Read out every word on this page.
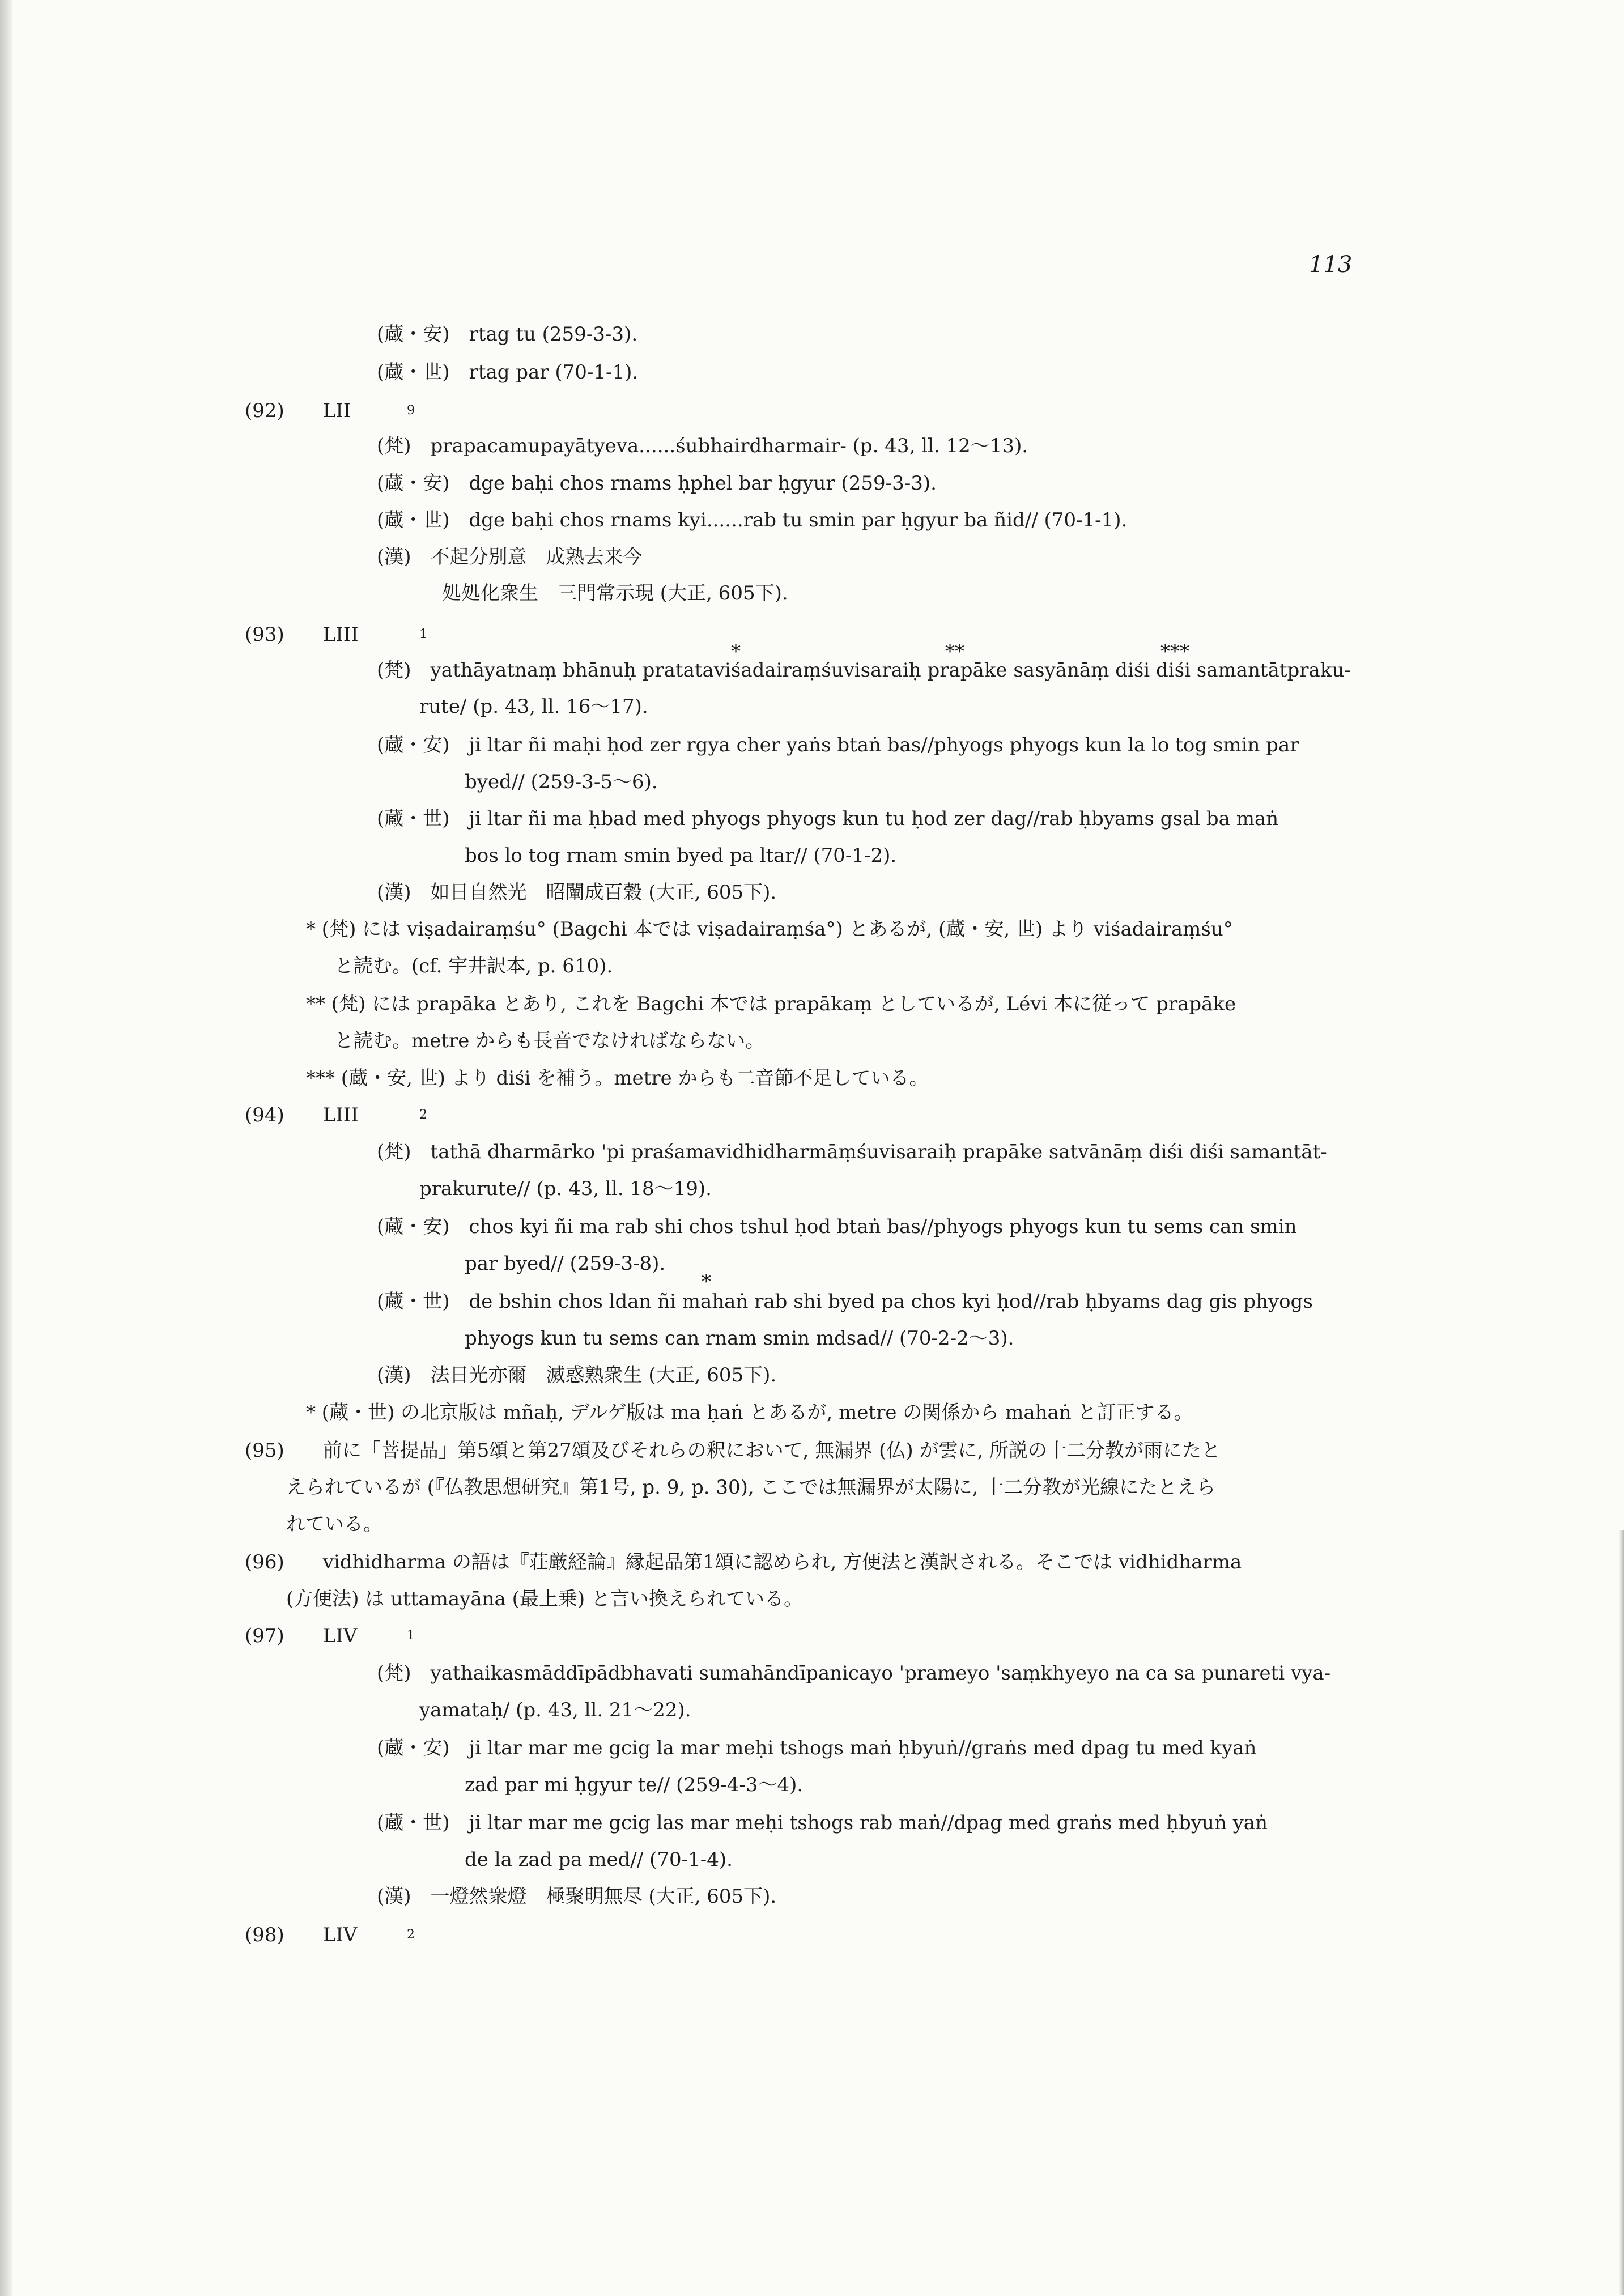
113
(蔵・安)　rtag tu (259-3-3).
(蔵・世)　rtag par (70-1-1).
(92)　　LII
(梵)　prapacamupayātyeva......śubhairdharmair- (p. 43, ll. 12〜13).
(蔵・安)　dge baḥi chos rnams ḥphel bar ḥgyur (259-3-3).
(蔵・世)　dge baḥi chos rnams kyi......rab tu smin par ḥgyur ba ñid// (70-1-1).
(漢)　不起分別意　成熟去来今
処処化衆生　三門常示現 (大正, 605下).
(93)　　LIII
(梵)　yathāyatnaṃ bhānuḥ pratataviśadairaṃśuvisaraiḥ prapāke sasyānāṃ diśi diśi samantātpraku-
rute/ (p. 43, ll. 16〜17).
(蔵・安)　ji ltar ñi maḥi ḥod zer rgya cher yaṅs btaṅ bas//phyogs phyogs kun la lo tog smin par
byed// (259-3-5〜6).
(蔵・世)　ji ltar ñi ma ḥbad med phyogs phyogs kun tu ḥod zer dag//rab ḥbyams gsal ba maṅ
bos lo tog rnam smin byed pa ltar// (70-1-2).
(漢)　如日自然光　昭闡成百穀 (大正, 605下).
* (梵) には viṣadairaṃśu° (Bagchi 本では viṣadairaṃśa°) とあるが, (蔵・安, 世) より viśadairaṃśu°
と読む。(cf. 宇井訳本, p. 610).
** (梵) には prapāka とあり, これを Bagchi 本では prapākaṃ としているが, Lévi 本に従って prapāke
と読む。metre からも長音でなければならない。
*** (蔵・安, 世) より diśi を補う。metre からも二音節不足している。
(94)　　LIII
(梵)　tathā dharmārko 'pi praśamavidhidharmāṃśuvisaraiḥ prapāke satvānāṃ diśi diśi samantāt-
prakurute// (p. 43, ll. 18〜19).
(蔵・安)　chos kyi ñi ma rab shi chos tshul ḥod btaṅ bas//phyogs phyogs kun tu sems can smin
par byed// (259-3-8).
(蔵・世)　de bshin chos ldan ñi mahaṅ rab shi byed pa chos kyi ḥod//rab ḥbyams dag gis phyogs
phyogs kun tu sems can rnam smin mdsad// (70-2-2〜3).
(漢)　法日光亦爾　滅惑熟衆生 (大正, 605下).
* (蔵・世) の北京版は mñaḥ, デルゲ版は ma ḥaṅ とあるが, metre の関係から mahaṅ と訂正する。
(95)　　前に「菩提品」第5頌と第27頌及びそれらの釈において, 無漏界 (仏) が雲に, 所説の十二分教が雨にたと
えられているが (『仏教思想研究』第1号, p. 9, p. 30), ここでは無漏界が太陽に, 十二分教が光線にたとえら
れている。
(96)　　vidhidharma の語は『荘厳経論』縁起品第1頌に認められ, 方便法と漢訳される。そこでは vidhidharma
(方便法) は uttamayāna (最上乗) と言い換えられている。
(97)　　LIV
(梵)　yathaikasmāddīpādbhavati sumahāndīpanicayo 'prameyo 'saṃkhyeyo na ca sa punareti vya-
yamataḥ/ (p. 43, ll. 21〜22).
(蔵・安)　ji ltar mar me gcig la mar meḥi tshogs maṅ ḥbyuṅ//graṅs med dpag tu med kyaṅ
zad par mi ḥgyur te// (259-4-3〜4).
(蔵・世)　ji ltar mar me gcig las mar meḥi tshogs rab maṅ//dpag med graṅs med ḥbyuṅ yaṅ
de la zad pa med// (70-1-4).
(漢)　一燈然衆燈　極聚明無尽 (大正, 605下).
(98)　　LIV
9
1
2
1
2
*	**	***
*
